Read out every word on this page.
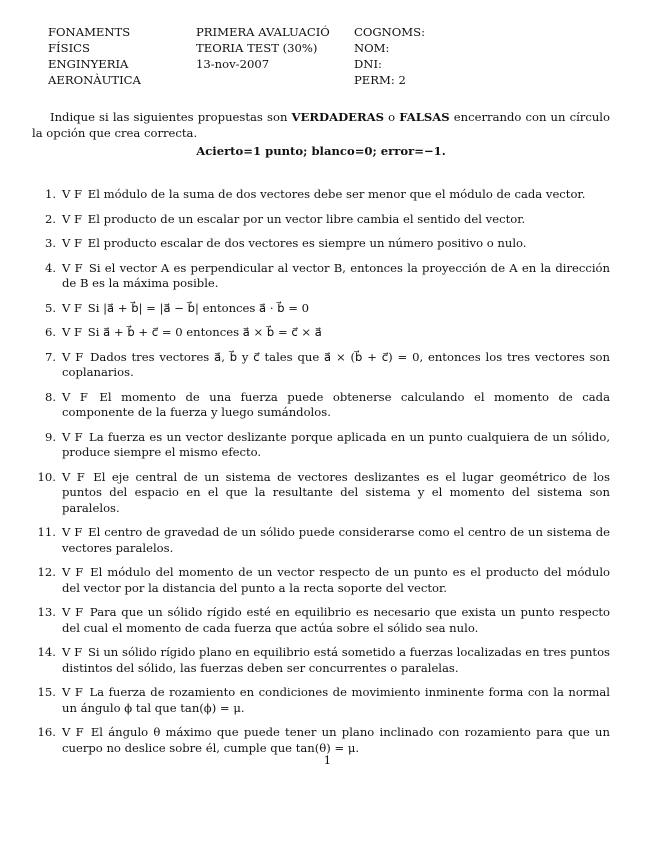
FONAMENTS
FÍSICS
ENGINYERIA
AERONÀUTICA
PRIMERA AVALUACIÓ
TEORIA TEST (30%)
13-nov-2007
COGNOMS:
NOM:
DNI:
PERM: 2
Indique si las siguientes propuestas son VERDADERAS o FALSAS encerrando con un círculo la opción que crea correcta.
Acierto=1 punto; blanco=0; error=−1.
1. V F El módulo de la suma de dos vectores debe ser menor que el módulo de cada vector.
2. V F El producto de un escalar por un vector libre cambia el sentido del vector.
3. V F El producto escalar de dos vectores es siempre un número positivo o nulo.
4. V F Si el vector A es perpendicular al vector B, entonces la proyección de A en la dirección de B es la máxima posible.
5. V F Si |a⃗ + b⃗| = |a⃗ − b⃗| entonces a⃗ · b⃗ = 0
6. V F Si a⃗ + b⃗ + c⃗ = 0 entonces a⃗ × b⃗ = c⃗ × a⃗
7. V F Dados tres vectores a⃗, b⃗ y c⃗ tales que a⃗ × (b⃗ + c⃗) = 0, entonces los tres vectores son coplanarios.
8. V F El momento de una fuerza puede obtenerse calculando el momento de cada componente de la fuerza y luego sumándolos.
9. V F La fuerza es un vector deslizante porque aplicada en un punto cualquiera de un sólido, produce siempre el mismo efecto.
10. V F El eje central de un sistema de vectores deslizantes es el lugar geométrico de los puntos del espacio en el que la resultante del sistema y el momento del sistema son paralelos.
11. V F El centro de gravedad de un sólido puede considerarse como el centro de un sistema de vectores paralelos.
12. V F El módulo del momento de un vector respecto de un punto es el producto del módulo del vector por la distancia del punto a la recta soporte del vector.
13. V F Para que un sólido rígido esté en equilibrio es necesario que exista un punto respecto del cual el momento de cada fuerza que actúa sobre el sólido sea nulo.
14. V F Si un sólido rígido plano en equilibrio está sometido a fuerzas localizadas en tres puntos distintos del sólido, las fuerzas deben ser concurrentes o paralelas.
15. V F La fuerza de rozamiento en condiciones de movimiento inminente forma con la normal un ángulo ϕ tal que tan(ϕ) = μ.
16. V F El ángulo θ máximo que puede tener un plano inclinado con rozamiento para que un cuerpo no deslice sobre él, cumple que tan(θ) = μ.
1
